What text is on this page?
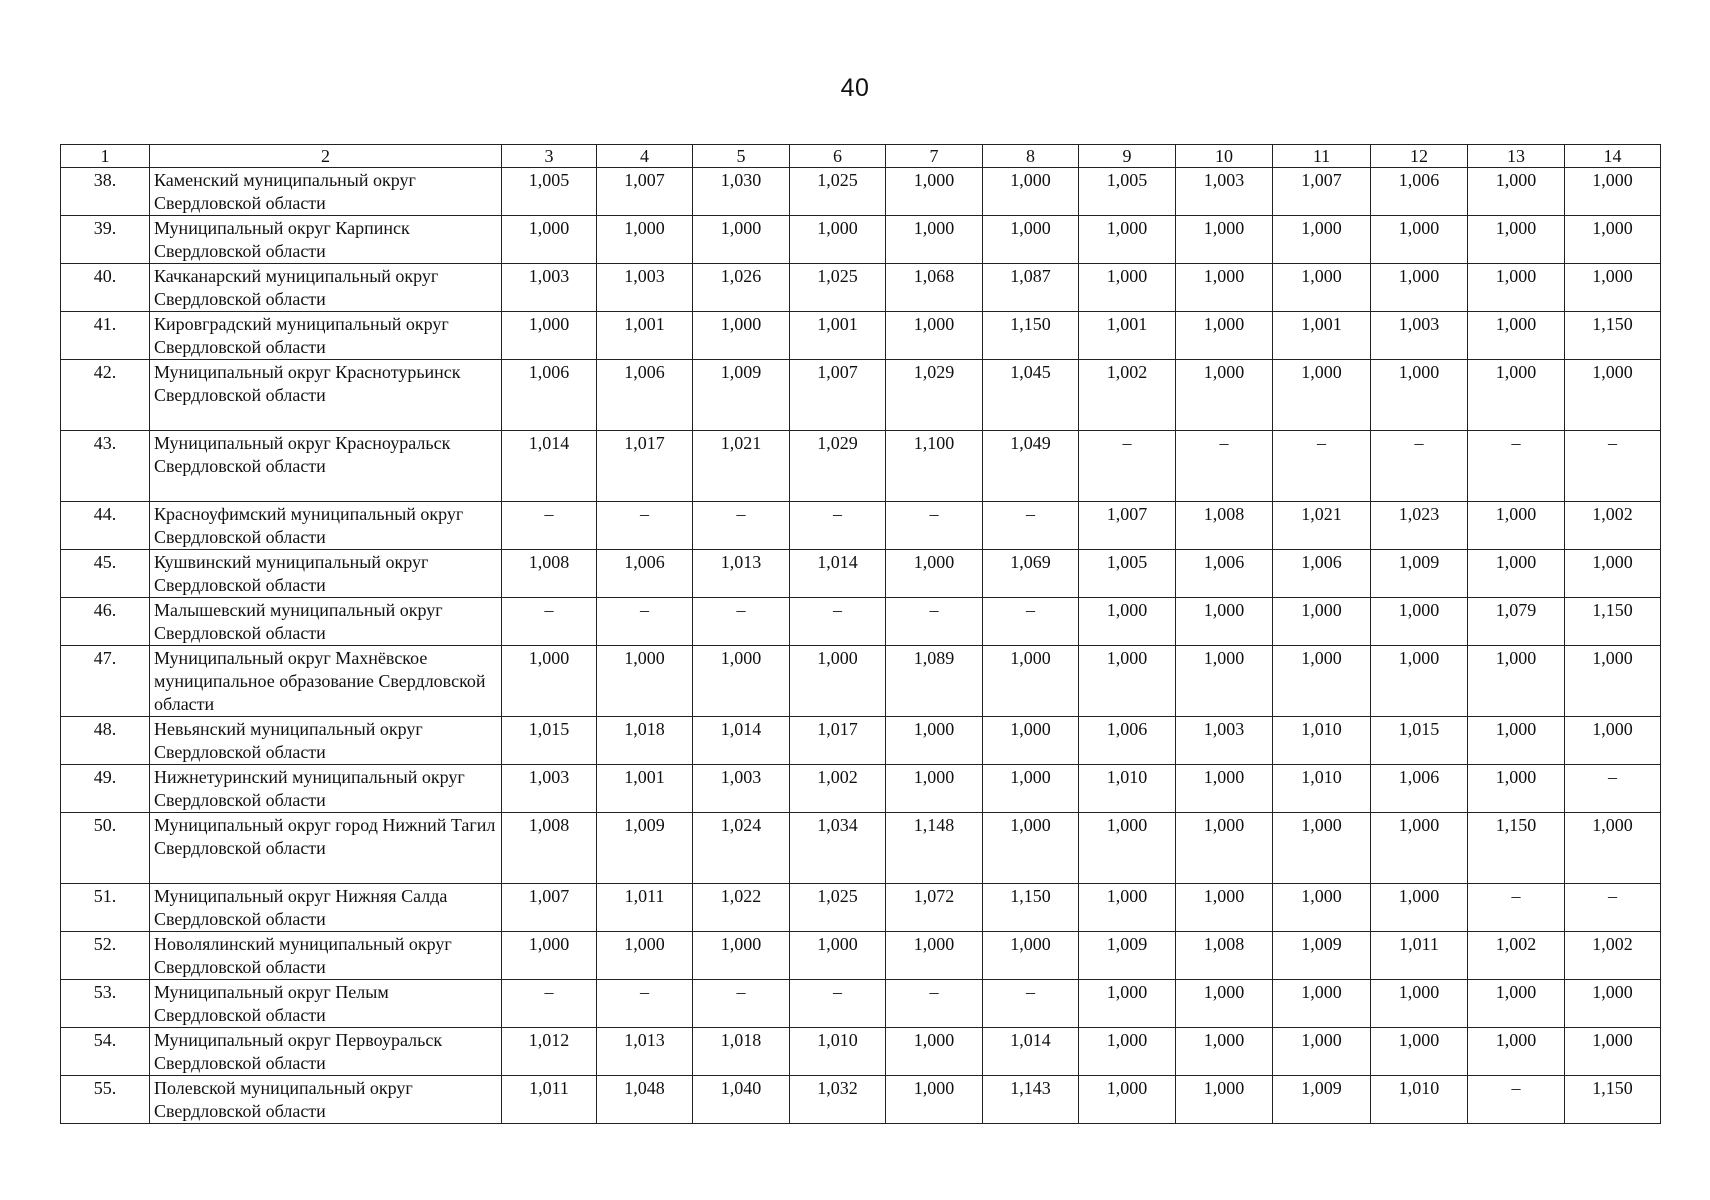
40
1	2	3	4	5	6	7	8	9	10	11	12	13	14
38.	Каменский муниципальный округ Свердловской области	1,005	1,007	1,030	1,025	1,000	1,000	1,005	1,003	1,007	1,006	1,000	1,000
39.	Муниципальный округ Карпинск Свердловской области	1,000	1,000	1,000	1,000	1,000	1,000	1,000	1,000	1,000	1,000	1,000	1,000
40.	Качканарский муниципальный округ Свердловской области	1,003	1,003	1,026	1,025	1,068	1,087	1,000	1,000	1,000	1,000	1,000	1,000
41.	Кировградский муниципальный округ Свердловской области	1,000	1,001	1,000	1,001	1,000	1,150	1,001	1,000	1,001	1,003	1,000	1,150
42.	Муниципальный округ Краснотурьинск Свердловской области	1,006	1,006	1,009	1,007	1,029	1,045	1,002	1,000	1,000	1,000	1,000	1,000
43.	Муниципальный округ Красноуральск Свердловской области	1,014	1,017	1,021	1,029	1,100	1,049	–	–	–	–	–	–
44.	Красноуфимский муниципальный округ Свердловской области	–	–	–	–	–	–	1,007	1,008	1,021	1,023	1,000	1,002
45.	Кушвинский муниципальный округ Свердловской области	1,008	1,006	1,013	1,014	1,000	1,069	1,005	1,006	1,006	1,009	1,000	1,000
46.	Малышевский муниципальный округ Свердловской области	–	–	–	–	–	–	1,000	1,000	1,000	1,000	1,079	1,150
47.	Муниципальный округ Махнёвское муниципальное образование Свердловской области	1,000	1,000	1,000	1,000	1,089	1,000	1,000	1,000	1,000	1,000	1,000	1,000
48.	Невьянский муниципальный округ Свердловской области	1,015	1,018	1,014	1,017	1,000	1,000	1,006	1,003	1,010	1,015	1,000	1,000
49.	Нижнетуринский муниципальный округ Свердловской области	1,003	1,001	1,003	1,002	1,000	1,000	1,010	1,000	1,010	1,006	1,000	–
50.	Муниципальный округ город Нижний Тагил Свердловской области	1,008	1,009	1,024	1,034	1,148	1,000	1,000	1,000	1,000	1,000	1,150	1,000
51.	Муниципальный округ Нижняя Салда Свердловской области	1,007	1,011	1,022	1,025	1,072	1,150	1,000	1,000	1,000	1,000	–	–
52.	Новолялинский муниципальный округ Свердловской области	1,000	1,000	1,000	1,000	1,000	1,000	1,009	1,008	1,009	1,011	1,002	1,002
53.	Муниципальный округ Пелым Свердловской области	–	–	–	–	–	–	1,000	1,000	1,000	1,000	1,000	1,000
54.	Муниципальный округ Первоуральск Свердловской области	1,012	1,013	1,018	1,010	1,000	1,014	1,000	1,000	1,000	1,000	1,000	1,000
55.	Полевской муниципальный округ Свердловской области	1,011	1,048	1,040	1,032	1,000	1,143	1,000	1,000	1,009	1,010	–	1,150
